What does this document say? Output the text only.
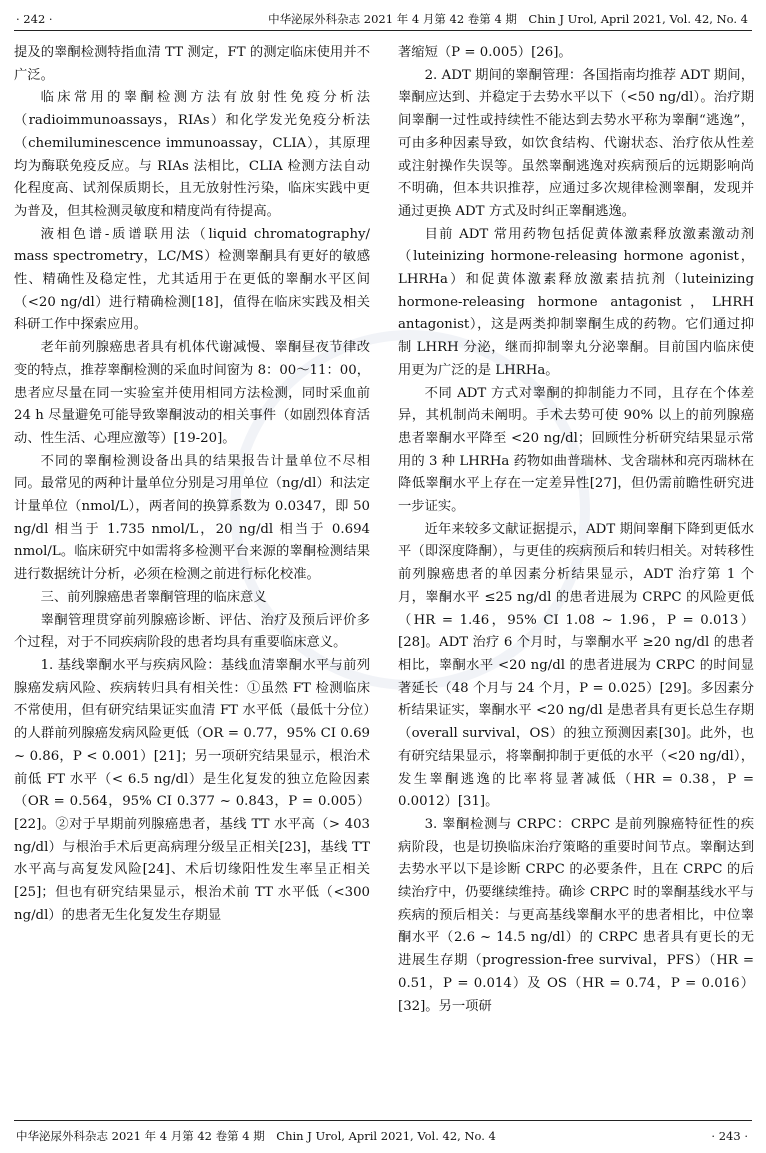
· 242 ·	中华泌尿外科杂志 2021 年 4 月第 42 卷第 4 期　Chin J Urol, April 2021, Vol. 42, No. 4

提及的睾酮检测特指血清 TT 测定，FT 的测定临床使用并不广泛。

临床常用的睾酮检测方法有放射性免疫分析法（radioimmunoassays，RIAs）和化学发光免疫分析法（chemiluminescence immunoassay，CLIA），其原理均为酶联免疫反应。与 RIAs 法相比，CLIA 检测方法自动化程度高、试剂保质期长，且无放射性污染，临床实践中更为普及，但其检测灵敏度和精度尚有待提高。

液相色谱-质谱联用法（liquid chromatography/ mass spectrometry，LC/MS）检测睾酮具有更好的敏感性、精确性及稳定性，尤其适用于在更低的睾酮水平区间（<20 ng/dl）进行精确检测[18]，值得在临床实践及相关科研工作中探索应用。

老年前列腺癌患者具有机体代谢减慢、睾酮昼夜节律改变的特点，推荐睾酮检测的采血时间窗为 8：00～11：00，患者应尽量在同一实验室并使用相同方法检测，同时采血前 24 h 尽量避免可能导致睾酮波动的相关事件（如剧烈体育活动、性生活、心理应激等）[19-20]。

不同的睾酮检测设备出具的结果报告计量单位不尽相同。最常见的两种计量单位分别是习用单位（ng/dl）和法定计量单位（nmol/L），两者间的换算系数为 0.0347，即 50 ng/dl 相当于 1.735 nmol/L，20 ng/dl 相当于 0.694 nmol/L。临床研究中如需将多检测平台来源的睾酮检测结果进行数据统计分析，必须在检测之前进行标化校准。

三、前列腺癌患者睾酮管理的临床意义

睾酮管理贯穿前列腺癌诊断、评估、治疗及预后评价多个过程，对于不同疾病阶段的患者均具有重要临床意义。

1. 基线睾酮水平与疾病风险：基线血清睾酮水平与前列腺癌发病风险、疾病转归具有相关性：①虽然 FT 检测临床不常使用，但有研究结果证实血清 FT 水平低（最低十分位）的人群前列腺癌发病风险更低（OR = 0.77，95% CI 0.69 ~ 0.86，P < 0.001）[21]；另一项研究结果显示，根治术前低 FT 水平（< 6.5 ng/dl）是生化复发的独立危险因素（OR = 0.564，95% CI 0.377 ~ 0.843，P = 0.005）[22]。②对于早期前列腺癌患者，基线 TT 水平高（> 403 ng/dl）与根治手术后更高病理分级呈正相关[23]，基线 TT 水平高与高复发风险[24]、术后切缘阳性发生率呈正相关[25]；但也有研究结果显示，根治术前 TT 水平低（<300 ng/dl）的患者无生化复发生存期显

著缩短（P = 0.005）[26]。

2. ADT 期间的睾酮管理：各国指南均推荐 ADT 期间，睾酮应达到、并稳定于去势水平以下（<50 ng/dl）。治疗期间睾酮一过性或持续性不能达到去势水平称为睾酮“逃逸”，可由多种因素导致，如饮食结构、代谢状态、治疗依从性差或注射操作失误等。虽然睾酮逃逸对疾病预后的远期影响尚不明确，但本共识推荐，应通过多次规律检测睾酮，发现并通过更换 ADT 方式及时纠正睾酮逃逸。

目前 ADT 常用药物包括促黄体激素释放激素激动剂（luteinizing hormone-releasing hormone agonist，LHRHa）和促黄体激素释放激素拮抗剂（luteinizing hormone-releasing hormone antagonist，LHRH antagonist），这是两类抑制睾酮生成的药物。它们通过抑制 LHRH 分泌，继而抑制睾丸分泌睾酮。目前国内临床使用更为广泛的是 LHRHa。

不同 ADT 方式对睾酮的抑制能力不同，且存在个体差异，其机制尚未阐明。手术去势可使 90% 以上的前列腺癌患者睾酮水平降至 <20 ng/dl；回顾性分析研究结果显示常用的 3 种 LHRHa 药物如曲普瑞林、戈舍瑞林和亮丙瑞林在降低睾酮水平上存在一定差异性[27]，但仍需前瞻性研究进一步证实。

近年来较多文献证据提示，ADT 期间睾酮下降到更低水平（即深度降酮），与更佳的疾病预后和转归相关。对转移性前列腺癌患者的单因素分析结果显示，ADT 治疗第 1 个月，睾酮水平 ≤25 ng/dl 的患者进展为 CRPC 的风险更低（HR = 1.46，95% CI 1.08 ~ 1.96，P = 0.013）[28]。ADT 治疗 6 个月时，与睾酮水平 ≥20 ng/dl 的患者相比，睾酮水平 <20 ng/dl 的患者进展为 CRPC 的时间显著延长（48 个月与 24 个月，P = 0.025）[29]。多因素分析结果证实，睾酮水平 <20 ng/dl 是患者具有更长总生存期（overall survival，OS）的独立预测因素[30]。此外，也有研究结果显示，将睾酮抑制于更低的水平（<20 ng/dl），发生睾酮逃逸的比率将显著减低（HR = 0.38，P = 0.0012）[31]。

3. 睾酮检测与 CRPC：CRPC 是前列腺癌特征性的疾病阶段，也是切换临床治疗策略的重要时间节点。睾酮达到去势水平以下是诊断 CRPC 的必要条件，且在 CRPC 的后续治疗中，仍要继续维持。确诊 CRPC 时的睾酮基线水平与疾病的预后相关：与更高基线睾酮水平的患者相比，中位睾酮水平（2.6 ~ 14.5 ng/dl）的 CRPC 患者具有更长的无进展生存期（progression-free survival，PFS）（HR = 0.51，P = 0.014）及 OS（HR = 0.74，P = 0.016）[32]。另一项研

中华泌尿外科杂志 2021 年 4 月第 42 卷第 4 期　Chin J Urol, April 2021, Vol. 42, No. 4	· 243 ·
